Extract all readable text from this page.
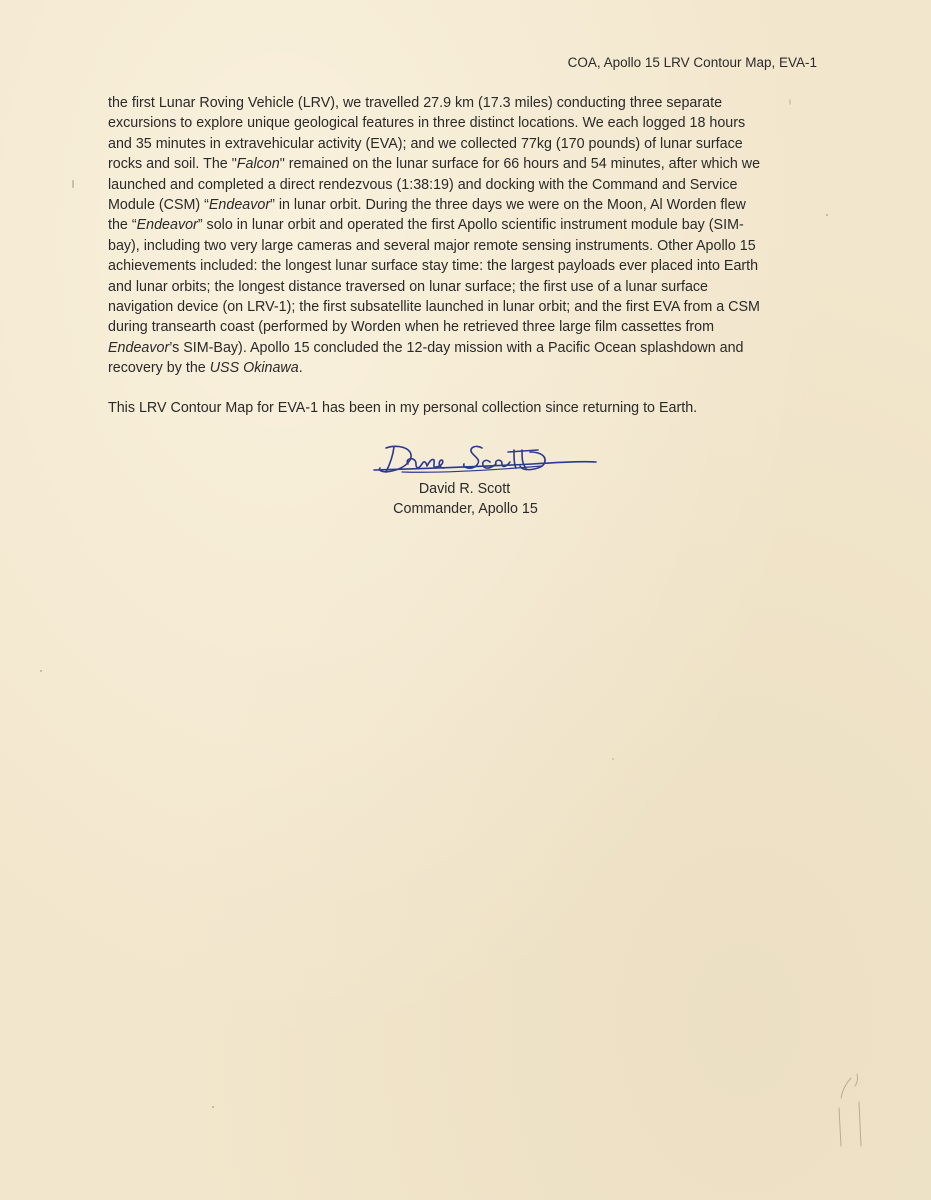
COA, Apollo 15 LRV Contour Map, EVA-1
the first Lunar Roving Vehicle (LRV), we travelled 27.9 km (17.3 miles) conducting three separate
excursions to explore unique geological features in three distinct locations. We each logged 18 hours
and 35 minutes in extravehicular activity (EVA); and we collected 77kg (170 pounds) of lunar surface
rocks and soil. The "Falcon" remained on the lunar surface for 66 hours and 54 minutes, after which we
launched and completed a direct rendezvous (1:38:19) and docking with the Command and Service
Module (CSM) “Endeavor” in lunar orbit. During the three days we were on the Moon, Al Worden flew
the “Endeavor” solo in lunar orbit and operated the first Apollo scientific instrument module bay (SIM-
bay), including two very large cameras and several major remote sensing instruments. Other Apollo 15
achievements included: the longest lunar surface stay time: the largest payloads ever placed into Earth
and lunar orbits; the longest distance traversed on lunar surface; the first use of a lunar surface
navigation device (on LRV-1); the first subsatellite launched in lunar orbit; and the first EVA from a CSM
during transearth coast (performed by Worden when he retrieved three large film cassettes from
Endeavor’s SIM-Bay). Apollo 15 concluded the 12-day mission with a Pacific Ocean splashdown and
recovery by the USS Okinawa.
This LRV Contour Map for EVA-1 has been in my personal collection since returning to Earth.
David R. Scott
Commander, Apollo 15
